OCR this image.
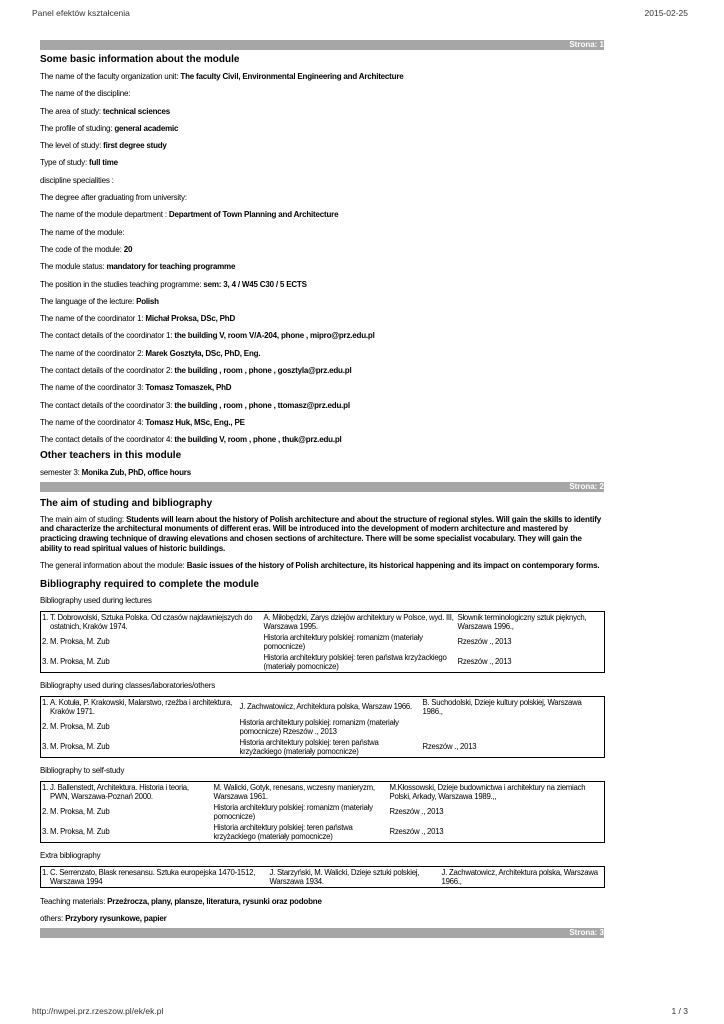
Panel efektów kształcenia	2015-02-25
Strona: 1
Some basic information about the module
The name of the faculty organization unit: The faculty Civil, Environmental Engineering and Architecture
The name of the discipline:
The area of study: technical sciences
The profile of studing: general academic
The level of study: first degree study
Type of study: full time
discipline specialities :
The degree after graduating from university:
The name of the module department : Department of Town Planning and Architecture
The name of the module:
The code of the module: 20
The module status: mandatory for teaching programme
The position in the studies teaching programme: sem: 3, 4 / W45 C30 / 5 ECTS
The language of the lecture: Polish
The name of the coordinator 1: Michał Proksa, DSc, PhD
The contact details of the coordinator 1: the building V, room V/A-204, phone , mipro@prz.edu.pl
The name of the coordinator 2: Marek Gosztyła, DSc, PhD, Eng.
The contact details of the coordinator 2: the building , room , phone , gosztyla@prz.edu.pl
The name of the coordinator 3: Tomasz Tomaszek, PhD
The contact details of the coordinator 3: the building , room , phone , ttomasz@prz.edu.pl
The name of the coordinator 4: Tomasz Huk, MSc, Eng., PE
The contact details of the coordinator 4: the building V, room , phone , thuk@prz.edu.pl
Other teachers in this module
semester 3: Monika Zub, PhD, office hours
Strona: 2
The aim of studing and bibliography
The main aim of studing: Students will learn about the history of Polish architecture and about the structure of regional styles. Will gain the skills to identify and characterize the architectural monuments of different eras. Will be introduced into the development of modern architecture and mastered by practicing drawing technique of drawing elevations and chosen sections of architecture. There will be some specialist vocabulary. They will gain the ability to read spiritual values of historic buildings.
The general information about the module: Basic issues of the history of Polish architecture, its historical happening and its impact on contemporary forms.
Bibliography required to complete the module
Bibliography used during lectures
1. T. Dobrowolski, Sztuka Polska. Od czasów najdawniejszych do ostatnich, Kraków 1974.	A. Miłobędzki, Zarys dziejów architektury w Polsce, wyd. III, Warszawa 1995.	Słownik terminologiczny sztuk pięknych, Warszawa 1996.,
2. M. Proksa, M. Zub	Historia architektury polskiej: romanizm (materiały pomocnicze)	Rzeszów ., 2013
3. M. Proksa, M. Zub	Historia architektury polskiej: teren państwa krzyżackiego (materiały pomocnicze)	Rzeszów ., 2013
Bibliography used during classes/laboratories/others
1. A. Kotuła, P. Krakowski, Malarstwo, rzeźba i architektura, Kraków 1971.	J. Zachwatowicz, Architektura polska, Warszaw 1966.	B. Suchodolski, Dzieje kultury polskiej, Warszawa 1986.,
2. M. Proksa, M. Zub	Historia architektury polskiej: romanizm (materiały pomocnicze) Rzeszów ., 2013	
3. M. Proksa, M. Zub	Historia architektury polskiej: teren państwa krzyżackiego (materiały pomocnicze)	Rzeszów ., 2013
Bibliography to self-study
1. J. Ballenstedt, Architektura. Historia i teoria, PWN, Warszawa-Poznań 2000.	M. Walicki, Gotyk, renesans, wczesny manieryzm, Warszawa 1961.	M.Kłossowski, Dzieje budownictwa i architektury na ziemiach Polski, Arkady, Warszawa 1989.,,
2. M. Proksa, M. Zub	Historia architektury polskiej: romanizm (materiały pomocnicze)	Rzeszów ., 2013
3. M. Proksa, M. Zub	Historia architektury polskiej: teren państwa krzyżackiego (materiały pomocnicze)	Rzeszów ., 2013
Extra bibliography
1. C. Serrenzato, Blask renesansu. Sztuka europejska 1470-1512, Warszawa 1994	J. Starzyński, M. Walicki, Dzieje sztuki polskiej, Warszawa 1934.	J. Zachwatowicz, Architektura polska, Warszawa 1966.,
Teaching materials: Przeźrocza, plany, plansze, literatura, rysunki oraz podobne
others: Przybory rysunkowe, papier
Strona: 3
http://nwpei.prz.rzeszow.pl/ek/ek.pl	1 / 3
